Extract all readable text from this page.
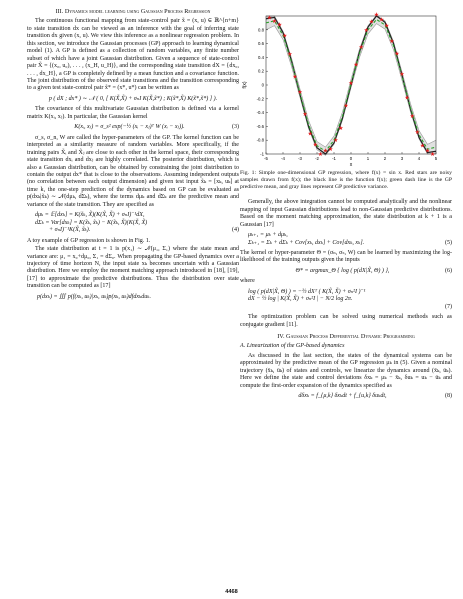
III. Dynamics model learning using Gaussian Process Regression

The continuous functional mapping from state-control pair x̃ = (x, u) ∈ ℝ^{n+m} to state transition dx can be viewed as an inference with the goal of inferring state transition dx given (x, u). We view this inference as a nonlinear regression problem. In this section, we introduce the Gaussian processes (GP) approach to learning dynamical model (1). A GP is defined as a collection of random variables, any finite number subset of which have a joint Gaussian distribution. Given a sequence of state-control pair X̃ = {(x₀, u₀), . . . , (x_H, u_H)}, and the corresponding state transition dX = {dx₀, . . . , dx_H}, a GP is completely defined by a mean function and a covariance function. The joint distribution of the observed state transitions and the transition corresponding to a given test state-control pair x̃* = (x*, u*) can be written as

p ( dX ; dx* ) ∼ 𝒩 ( 0, [ K(X̃,X̃) + σₙI K(X̃,x̃*) ; K(x̃*,X̃) K(x̃*,x̃*) ] ).

The covariance of this multivariate Gaussian distribution is defined via a kernel matrix K(xᵢ, xⱼ). In particular, the Gaussian kernel

K(xᵢ, xⱼ) = σ_s² exp(−½ (xᵢ − xⱼ)ᵀ W (xᵢ − xⱼ)).	(3)

σ_s, σ_n, W are called the hyper-parameters of the GP. The kernel function can be interpreted as a similarity measure of random variables. More specifically, if the training pairs X̃ᵢ and X̃ⱼ are close to each other in the kernel space, their corresponding state transition dxᵢ and dxⱼ are highly correlated. The posterior distribution, which is also a Gaussian distribution, can be obtained by constraining the joint distribution to contain the output dx* that is close to the observations. Assuming independent outputs (no correlation between each output dimension) and given test input x̃ₖ = [xₖ, uₖ] at time k, the one-step prediction of the dynamics based on GP can be evaluated as p(dxₖ|x̃ₖ) ∼ 𝒩(dμₖ, dΣₖ), where the terms dμₖ and dΣₖ are the predictive mean and variance of the state transition. They are specified as

dμₖ = 𝔼[dxₖ] = K(x̃ₖ, X̃)(K(X̃, X̃) + σₙI)⁻¹dX,
dΣₖ = Var[dxₖ] = K(x̃ₖ, x̃ₖ) − K(x̃ₖ, X̃)(K(X̃, X̃)
+ σₙI)⁻¹K(X̃, x̃ₖ).	(4)

A toy example of GP regression is shown in Fig. 1.

The state distribution at t = 1 is p(x₁) ∼ 𝒩(μ₁, Σ₁) where the state mean and variance are: μ₁ = x₀+dμ₀, Σ₁ = dΣ₀. When propagating the GP-based dynamics over a trajectory of time horizon N, the input state xₖ becomes uncertain with a Gaussian distribution. Here we employ the moment matching approach introduced in [18], [19], [17] to approximate the predictive distributions. Thus the distribution over state transition can be computed as [17]

p(dxₖ) = ∭ p(f(xₖ, uₖ)|xₖ, uₖ)p(xₖ, uₖ)dfdxₖduₖ.
★
★
★
★
★
★
★
★
★
★
★
★ ★
★
★
★
★
★
★
★
★
★
★
★
★
★
★
★
★
★
★
★
★
-5	-4	-3	-2	-1	0	1	2	3	4	5
0.8
0.6
0.4
0.2
0
-0.2
-0.4
-0.6
-0.8
-1
f(x)
x
Fig. 1: Simple one-dimensional GP regression, where f(x) = sin x. Red stars are noisy samples drawn from f(x); the black line is the function f(x); green dash line is the GP predictive mean, and gray lines represent GP predictive variance.

Generally, the above integration cannot be computed analytically and the nonlinear mapping of input Gaussian distributions lead to non-Gaussian predictive distributions. Based on the moment matching approximation, the state distribution at k + 1 is a Gaussian [17]

μₖ₊₁ = μₖ + dμₖ,
Σₖ₊₁ = Σₖ + dΣₖ + Cov[xₖ, dxₖ] + Cov[dxₖ, xₖ].	(5)

The kernel or hyper-parameter Θ = (σₙ, σₛ, W) can be learned by maximizing the log-likelihood of the training outputs given the inputs

Θ* = argmax_Θ { log ( p(dX|X̃, Θ) ) },	(6)

where

log ( p(dX|X̃, Θ) ) = −½ dXᵀ ( K(X̃, X̃) + σₙ²I )⁻¹
dX − ½ log | K(X̃, X̃) + σₙ²I | − N/2 log 2π.
(7)

The optimization problem can be solved using numerical methods such as conjugate gradient [11].

IV. Gaussian Process Differential Dynamic Programming
A. Linearization of the GP-based dynamics

As discussed in the last section, the states of the dynamical systems can be approximated by the predictive mean of the GP regression μₖ in (5). Given a nominal trajectory (x̄ₖ, ūₖ) of states and controls, we linearize the dynamics around (x̄ₖ, ūₖ). Here we define the state and control deviations δxₖ = μₖ − x̄ₖ, δuₖ = uₖ − ūₖ and compute the first-order expansion of the dynamics specified as

dδxₖ = f_{μ,k} δxₖdt + f_{u,k} δuₖdt,	(8)
4468
